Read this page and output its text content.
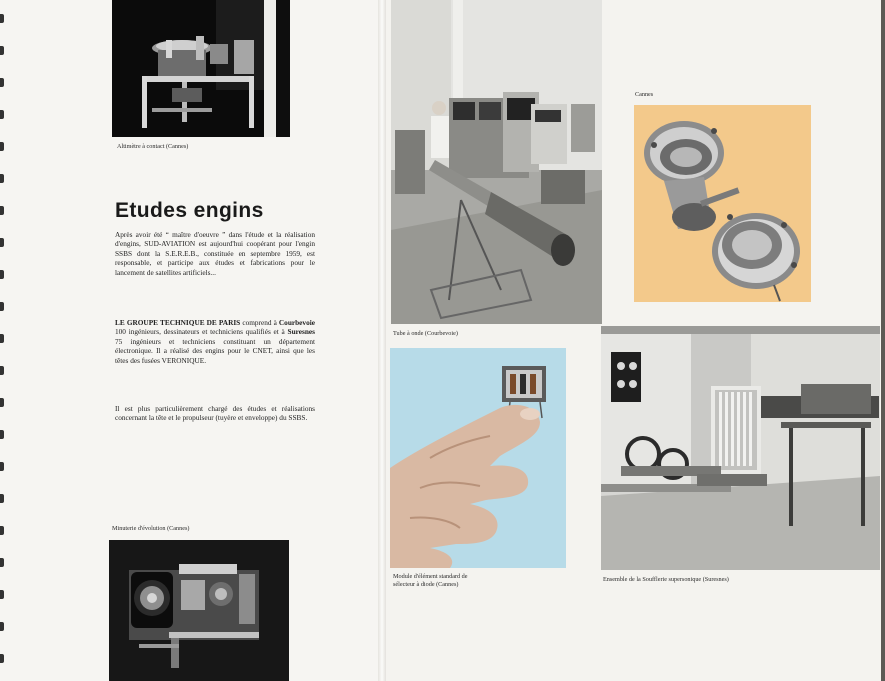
Altimètre à contact (Cannes)
Etudes engins
Après avoir été “ maître d'oeuvre ” dans l'étude et la réalisation d'engins, SUD-AVIATION est aujourd'hui coopérant pour l'engin SSBS dont la S.E.R.E.B., constituée en septembre 1959, est responsable, et participe aux études et fabrications pour le lancement de satellites artificiels...
LE GROUPE TECHNIQUE DE PARIS comprend à Courbevoie 100 ingénieurs, dessinateurs et techniciens qualifiés et à Suresnes 75 ingénieurs et techniciens constituant un département électronique. Il a réalisé des engins pour le CNET, ainsi que les têtes des fusées VERONIQUE.
Il est plus particulièrement chargé des études et réalisations concernant la tête et le propulseur (tuyère et enveloppe) du SSBS.
Minuterie d'évolution (Cannes)
Tube à onde (Courbevoie)
Cannes
Module d'élément standard de
sélecteur à diode (Cannes)
Ensemble de la Soufflerie supersonique (Suresnes)
